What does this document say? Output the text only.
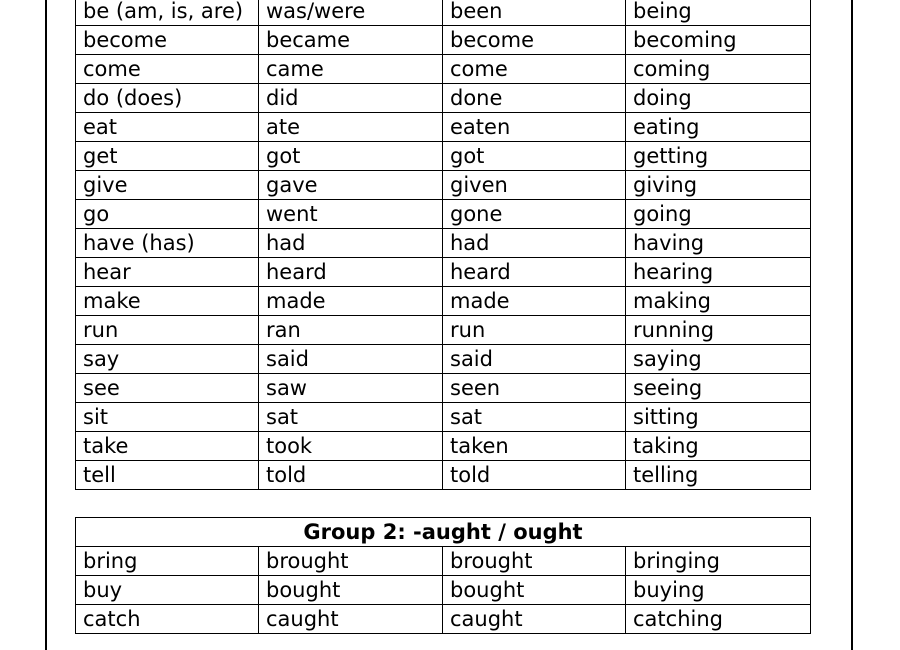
be (am, is, are)	was/were	been	being
become	became	become	becoming
come	came	come	coming
do (does)	did	done	doing
eat	ate	eaten	eating
get	got	got	getting
give	gave	given	giving
go	went	gone	going
have (has)	had	had	having
hear	heard	heard	hearing
make	made	made	making
run	ran	run	running
say	said	said	saying
see	saw	seen	seeing
sit	sat	sat	sitting
take	took	taken	taking
tell	told	told	telling
Group 2: -aught / ought			
bring	brought	brought	bringing
buy	bought	bought	buying
catch	caught	caught	catching
